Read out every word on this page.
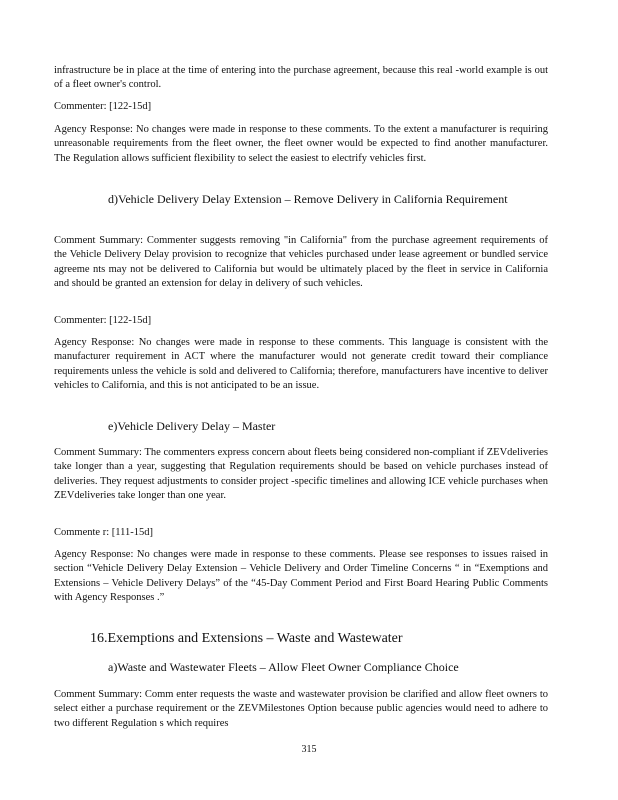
infrastructure be in place at the time of entering into the purchase agreement, because this real -world example is out of a fleet owner's control.

Commenter: [122-15d]

Agency Response: No changes were made in response to these comments. To the extent a manufacturer is requiring unreasonable requirements from the fleet owner, the fleet owner would be expected to find another manufacturer. The Regulation allows sufficient flexibility to select the easiest to electrify vehicles first.

d)Vehicle Delivery Delay Extension – Remove Delivery in California Requirement

Comment Summary: Commenter suggests removing "in California" from the purchase agreement requirements of the Vehicle Delivery Delay provision to recognize that vehicles purchased under lease agreement or bundled service agreeme nts may not be delivered to California but would be ultimately placed by the fleet in service in California and should be granted an extension for delay in delivery of such vehicles.

Commenter: [122-15d]

Agency Response: No changes were made in response to these comments. This language is consistent with the manufacturer requirement in ACT where the manufacturer would not generate credit toward their compliance requirements unless the vehicle is sold and delivered to California; therefore, manufacturers have incentive to deliver vehicles to California, and this is not anticipated to be an issue.

e)Vehicle Delivery Delay – Master

Comment Summary: The commenters express concern about fleets being considered non-compliant if ZEVdeliveries take longer than a year, suggesting that Regulation requirements should be based on vehicle purchases instead of deliveries. They request adjustments to consider project -specific timelines and allowing ICE vehicle purchases when ZEVdeliveries take longer than one year.

Commente r: [111-15d]

Agency Response: No changes were made in response to these comments. Please see responses to issues raised in section “Vehicle Delivery Delay Extension – Vehicle Delivery and Order Timeline Concerns “ in “Exemptions and Extensions – Vehicle Delivery Delays” of the “45-Day Comment Period and First Board Hearing Public Comments with Agency Responses .”

16.Exemptions and Extensions – Waste and Wastewater

a)Waste and Wastewater Fleets – Allow Fleet Owner Compliance Choice

Comment Summary: Comm enter requests the waste and wastewater provision be clarified and allow fleet owners to select either a purchase requirement or the ZEVMilestones Option because public agencies would need to adhere to two different Regulation s which requires

315
